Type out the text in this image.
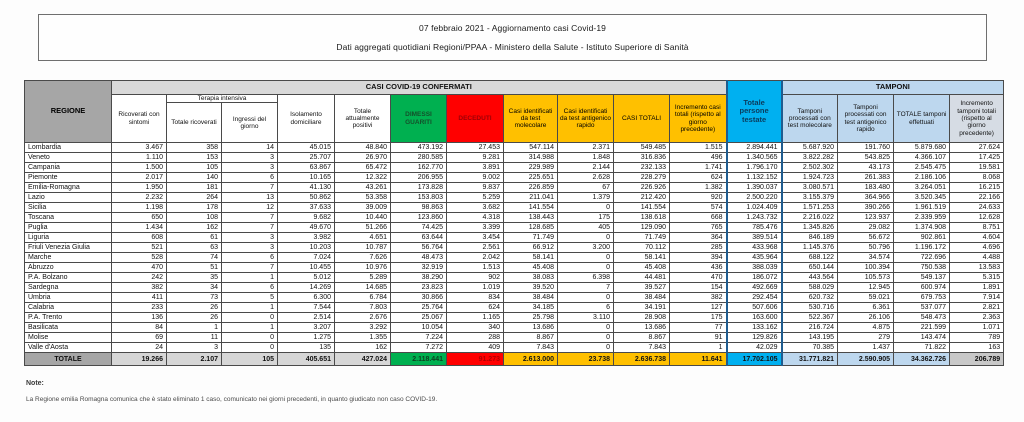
07 febbraio 2021 - Aggiornamento casi Covid-19
Dati aggregati quotidiani Regioni/PPAA - Ministero della Salute - Istituto Superiore di Sanità
REGIONE	CASI COVID-19 CONFERMATI											Totale persone testate	TAMPONI			
	Ricoverati con sintomi	Terapia intensiva		Isolamento domiciliare	Totale attualmente positivi	DIMESSI GUARITI	DECEDUTI	Casi identificati da test molecolare	Casi identificati da test antigenico rapido	CASI TOTALI	Incremento casi totali (rispetto al giorno precedente)		Tamponi processati con test molecolare	Tamponi processati con test antigenico rapido	TOTALE tamponi effettuati	Incremento tamponi totali (rispetto al giorno precedente)
		Totale ricoverati	Ingressi del giorno													
Lombardia	3.467	358	14	45.015	48.840	473.192	27.453	547.114	2.371	549.485	1.515	2.894.441	5.687.920	191.760	5.879.680	27.624
Veneto	1.110	153	3	25.707	26.970	280.585	9.281	314.988	1.848	316.836	496	1.340.565	3.822.282	543.825	4.366.107	17.425
Campania	1.500	105	3	63.867	65.472	162.770	3.891	229.989	2.144	232.133	1.741	1.796.170	2.502.302	43.173	2.545.475	19.581
Piemonte	2.017	140	6	10.165	12.322	206.955	9.002	225.651	2.628	228.279	624	1.132.152	1.924.723	261.383	2.186.106	8.068
Emilia-Romagna	1.950	181	7	41.130	43.261	173.828	9.837	226.859	67	226.926	1.382	1.390.037	3.080.571	183.480	3.264.051	16.215
Lazio	2.232	264	13	50.862	53.358	153.803	5.259	211.041	1.379	212.420	920	2.500.220	3.155.379	364.966	3.520.345	22.166
Sicilia	1.198	178	12	37.633	39.009	98.863	3.682	141.554	0	141.554	574	1.024.409	1.571.253	390.266	1.961.519	24.633
Toscana	650	108	7	9.682	10.440	123.860	4.318	138.443	175	138.618	668	1.243.732	2.216.022	123.937	2.339.959	12.628
Puglia	1.434	162	7	49.670	51.266	74.425	3.399	128.685	405	129.090	765	785.476	1.345.826	29.082	1.374.908	8.751
Liguria	608	61	3	3.982	4.651	63.644	3.454	71.749	0	71.749	364	389.514	846.189	56.672	902.861	4.604
Friuli Venezia Giulia	521	63	3	10.203	10.787	56.764	2.561	66.912	3.200	70.112	285	433.968	1.145.376	50.796	1.196.172	4.696
Marche	528	74	6	7.024	7.626	48.473	2.042	58.141	0	58.141	394	435.964	688.122	34.574	722.696	4.488
Abruzzo	470	51	7	10.455	10.976	32.919	1.513	45.408	0	45.408	436	388.039	650.144	100.394	750.538	13.583
P.A. Bolzano	242	35	1	5.012	5.289	38.290	902	38.083	6.398	44.481	470	186.072	443.564	105.573	549.137	5.315
Sardegna	382	34	6	14.269	14.685	23.823	1.019	39.520	7	39.527	154	492.669	588.029	12.945	600.974	1.891
Umbria	411	73	5	6.300	6.784	30.866	834	38.484	0	38.484	382	292.454	620.732	59.021	679.753	7.914
Calabria	233	26	1	7.544	7.803	25.764	624	34.185	6	34.191	127	507.606	530.716	6.361	537.077	2.821
P.A. Trento	136	26	0	2.514	2.676	25.067	1.165	25.798	3.110	28.908	175	163.600	522.367	26.106	548.473	2.363
Basilicata	84	1	1	3.207	3.292	10.054	340	13.686	0	13.686	77	133.162	216.724	4.875	221.599	1.071
Molise	69	11	0	1.275	1.355	7.224	288	8.867	0	8.867	91	129.826	143.195	279	143.474	789
Valle d'Aosta	24	3	0	135	162	7.272	409	7.843	0	7.843	1	42.029	70.385	1.437	71.822	163
TOTALE	19.266	2.107	105	405.651	427.024	2.118.441	91.273	2.613.000	23.738	2.636.738	11.641	17.702.105	31.771.821	2.590.905	34.362.726	206.789
Note:
La Regione emilia Romagna comunica che è stato eliminato 1 caso, comunicato nei giorni precedenti, in quanto giudicato non caso COVID-19.
